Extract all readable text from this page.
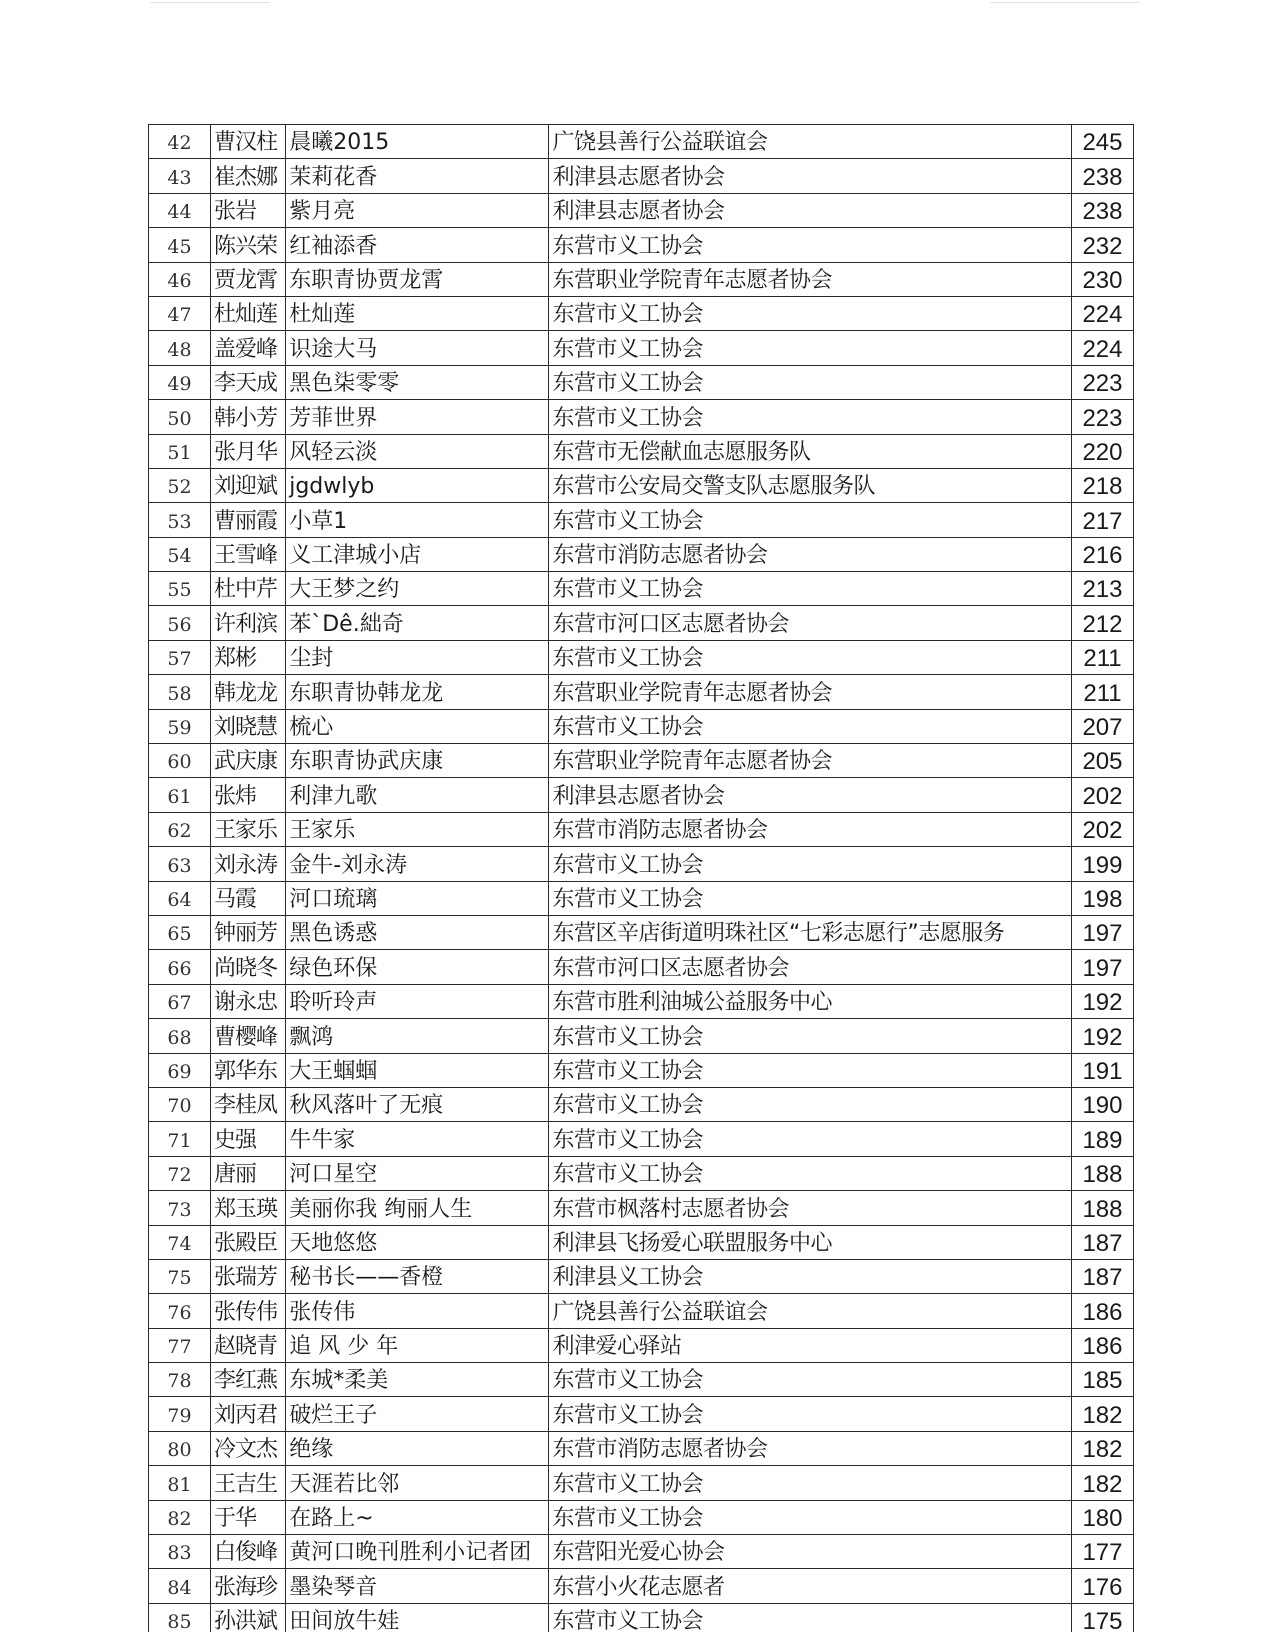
42	曹汉柱	晨曦2015	广饶县善行公益联谊会	245
43	崔杰娜	茉莉花香	利津县志愿者协会	238
44	张岩	紫月亮	利津县志愿者协会	238
45	陈兴荣	红袖添香	东营市义工协会	232
46	贾龙霄	东职青协贾龙霄	东营职业学院青年志愿者协会	230
47	杜灿莲	杜灿莲	东营市义工协会	224
48	盖爱峰	识途大马	东营市义工协会	224
49	李天成	黑色柒零零	东营市义工协会	223
50	韩小芳	芳菲世界	东营市义工协会	223
51	张月华	风轻云淡	东营市无偿献血志愿服务队	220
52	刘迎斌	jgdwlyb	东营市公安局交警支队志愿服务队	218
53	曹丽霞	小草1	东营市义工协会	217
54	王雪峰	义工津城小店	东营市消防志愿者协会	216
55	杜中芹	大王梦之约	东营市义工协会	213
56	许利滨	苯`Dê.絀奇	东营市河口区志愿者协会	212
57	郑彬	尘封	东营市义工协会	211
58	韩龙龙	东职青协韩龙龙	东营职业学院青年志愿者协会	211
59	刘晓慧	梳心	东营市义工协会	207
60	武庆康	东职青协武庆康	东营职业学院青年志愿者协会	205
61	张炜	利津九歌	利津县志愿者协会	202
62	王家乐	王家乐	东营市消防志愿者协会	202
63	刘永涛	金牛-刘永涛	东营市义工协会	199
64	马霞	河口琉璃	东营市义工协会	198
65	钟丽芳	黑色诱惑	东营区辛店街道明珠社区“七彩志愿行”志愿服务	197
66	尚晓冬	绿色环保	东营市河口区志愿者协会	197
67	谢永忠	聆听玲声	东营市胜利油城公益服务中心	192
68	曹樱峰	飘鸿	东营市义工协会	192
69	郭华东	大王蝈蝈	东营市义工协会	191
70	李桂凤	秋风落叶了无痕	东营市义工协会	190
71	史强	牛牛家	东营市义工协会	189
72	唐丽	河口星空	东营市义工协会	188
73	郑玉瑛	美丽你我 绚丽人生	东营市枫落村志愿者协会	188
74	张殿臣	天地悠悠	利津县飞扬爱心联盟服务中心	187
75	张瑞芳	秘书长——香橙	利津县义工协会	187
76	张传伟	张传伟	广饶县善行公益联谊会	186
77	赵晓青	追 风 少 年	利津爱心驿站	186
78	李红燕	东城*柔美	东营市义工协会	185
79	刘丙君	破烂王子	东营市义工协会	182
80	冷文杰	绝缘	东营市消防志愿者协会	182
81	王吉生	天涯若比邻	东营市义工协会	182
82	于华	在路上~	东营市义工协会	180
83	白俊峰	黄河口晚刊胜利小记者团	东营阳光爱心协会	177
84	张海珍	墨染琴音	东营小火花志愿者	176
85	孙洪斌	田间放牛娃	东营市义工协会	175
